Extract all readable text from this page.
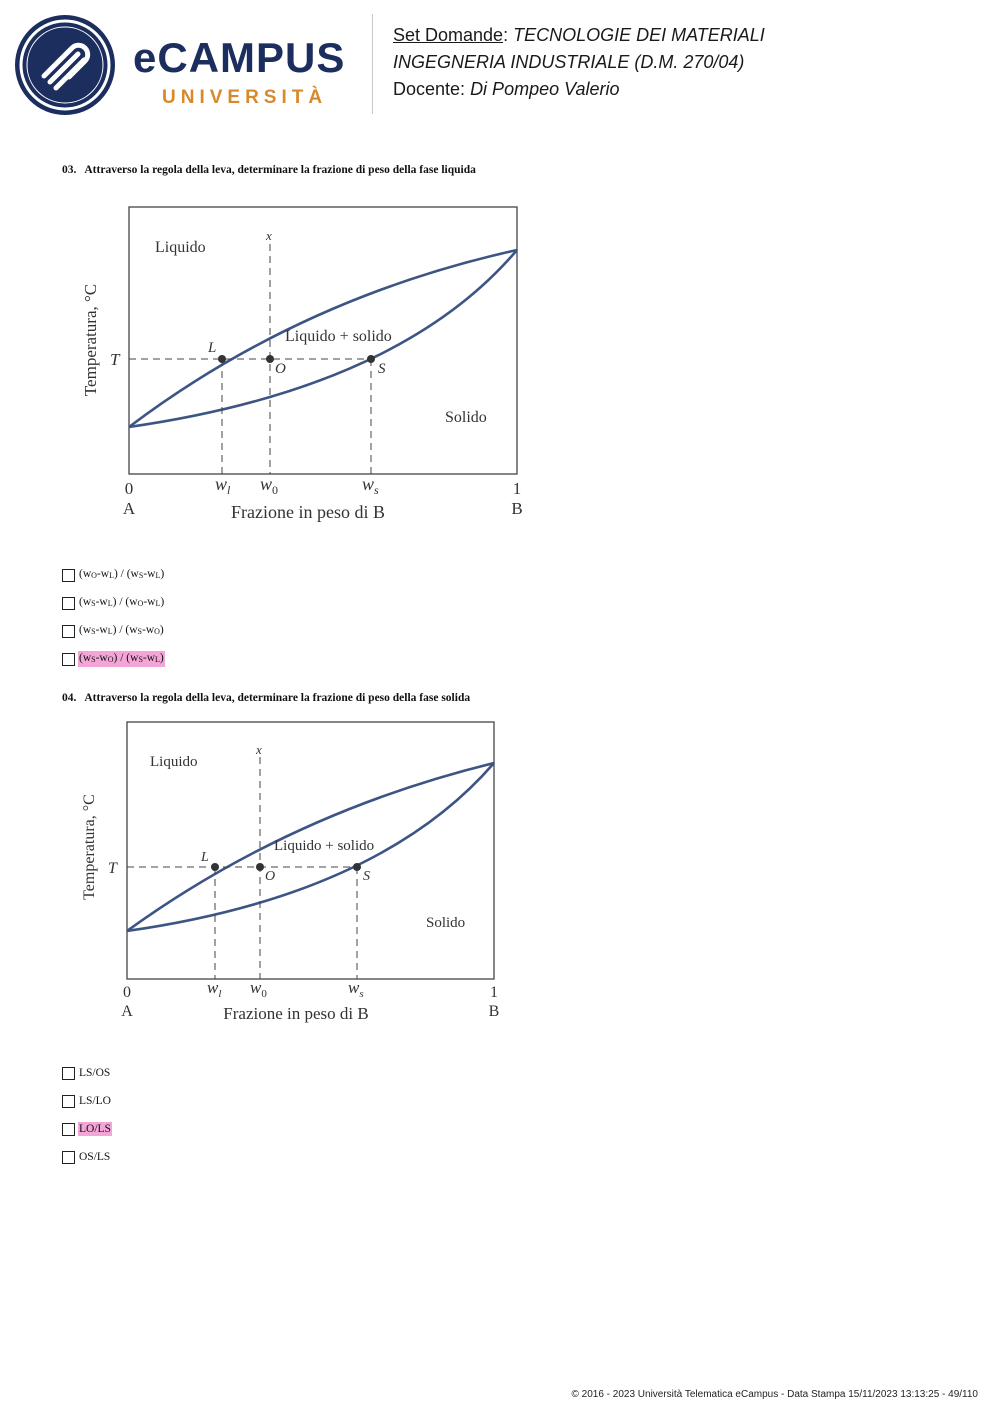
eCAMPUS
UNIVERSITÀ
Set Domande: TECNOLOGIE DEI MATERIALI
INGEGNERIA INDUSTRIALE (D.M. 270/04)
Docente: Di Pompeo Valerio
03. Attraverso la regola della leva, determinare la frazione di peso della fase liquida
Liquido
Liquido + solido
Solido
x
T
L
O	S
Temperatura, °C
0
A
1
B
Frazione in peso di B
$w_l$ $w_0$	$w_s$
$(w_O-w_L) / (w_S-w_L)$
$(w_S-w_L) / (w_O-w_L)$
$(w_S-w_L) / (w_S-w_O)$
$(w_S-w_O) / (w_S-w_L)$
04. Attraverso la regola della leva, determinare la frazione di peso della fase solida
Liquido
Liquido + solido
Solido
x
T
L
O	S
Temperatura, °C
0
A
1
B
Frazione in peso di B
$w_l$ $w_0$	$w_s$
LS/OS
LS/LO
LO/LS
OS/LS
© 2016 - 2023 Università Telematica eCampus - Data Stampa 15/11/2023 13:13:25 - 49/110
